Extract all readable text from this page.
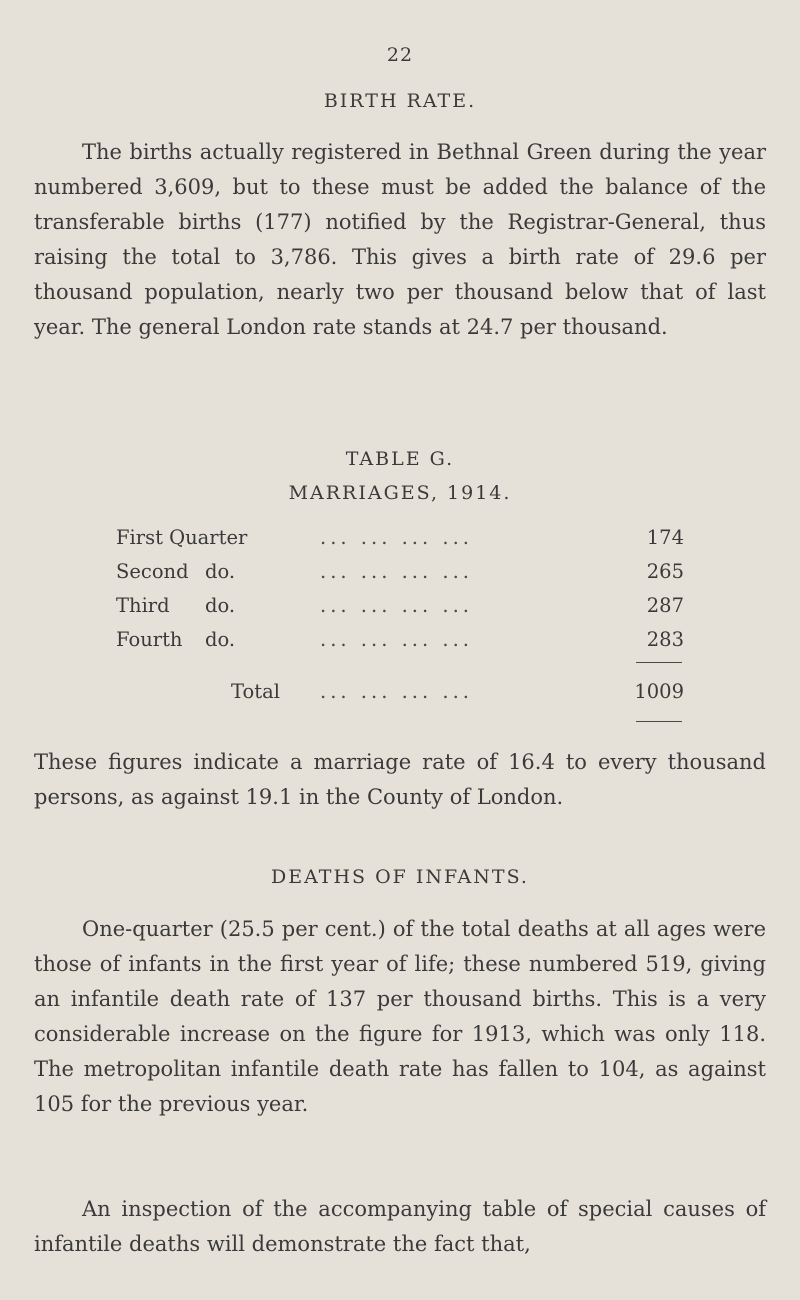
22
BIRTH RATE.

The births actually registered in Bethnal Green during the year numbered 3,609, but to these must be added the balance of the transferable births (177) notified by the Registrar-General, thus raising the total to 3,786. This gives a birth rate of 29.6 per thousand population, nearly two per thousand below that of last year. The general London rate stands at 24.7 per thousand.

TABLE G.
MARRIAGES, 1914.
First Quarter	... ... ... ...	174
Second do.	... ... ... ...	265
Third do.	... ... ... ...	287
Fourth do.	... ... ... ...	283
Total ... ... ... ...	1009

These figures indicate a marriage rate of 16.4 to every thousand persons, as against 19.1 in the County of London.

DEATHS OF INFANTS.

One-quarter (25.5 per cent.) of the total deaths at all ages were those of infants in the first year of life; these numbered 519, giving an infantile death rate of 137 per thousand births. This is a very considerable increase on the figure for 1913, which was only 118. The metropolitan infantile death rate has fallen to 104, as against 105 for the previous year.

An inspection of the accompanying table of special causes of infantile deaths will demonstrate the fact that,
